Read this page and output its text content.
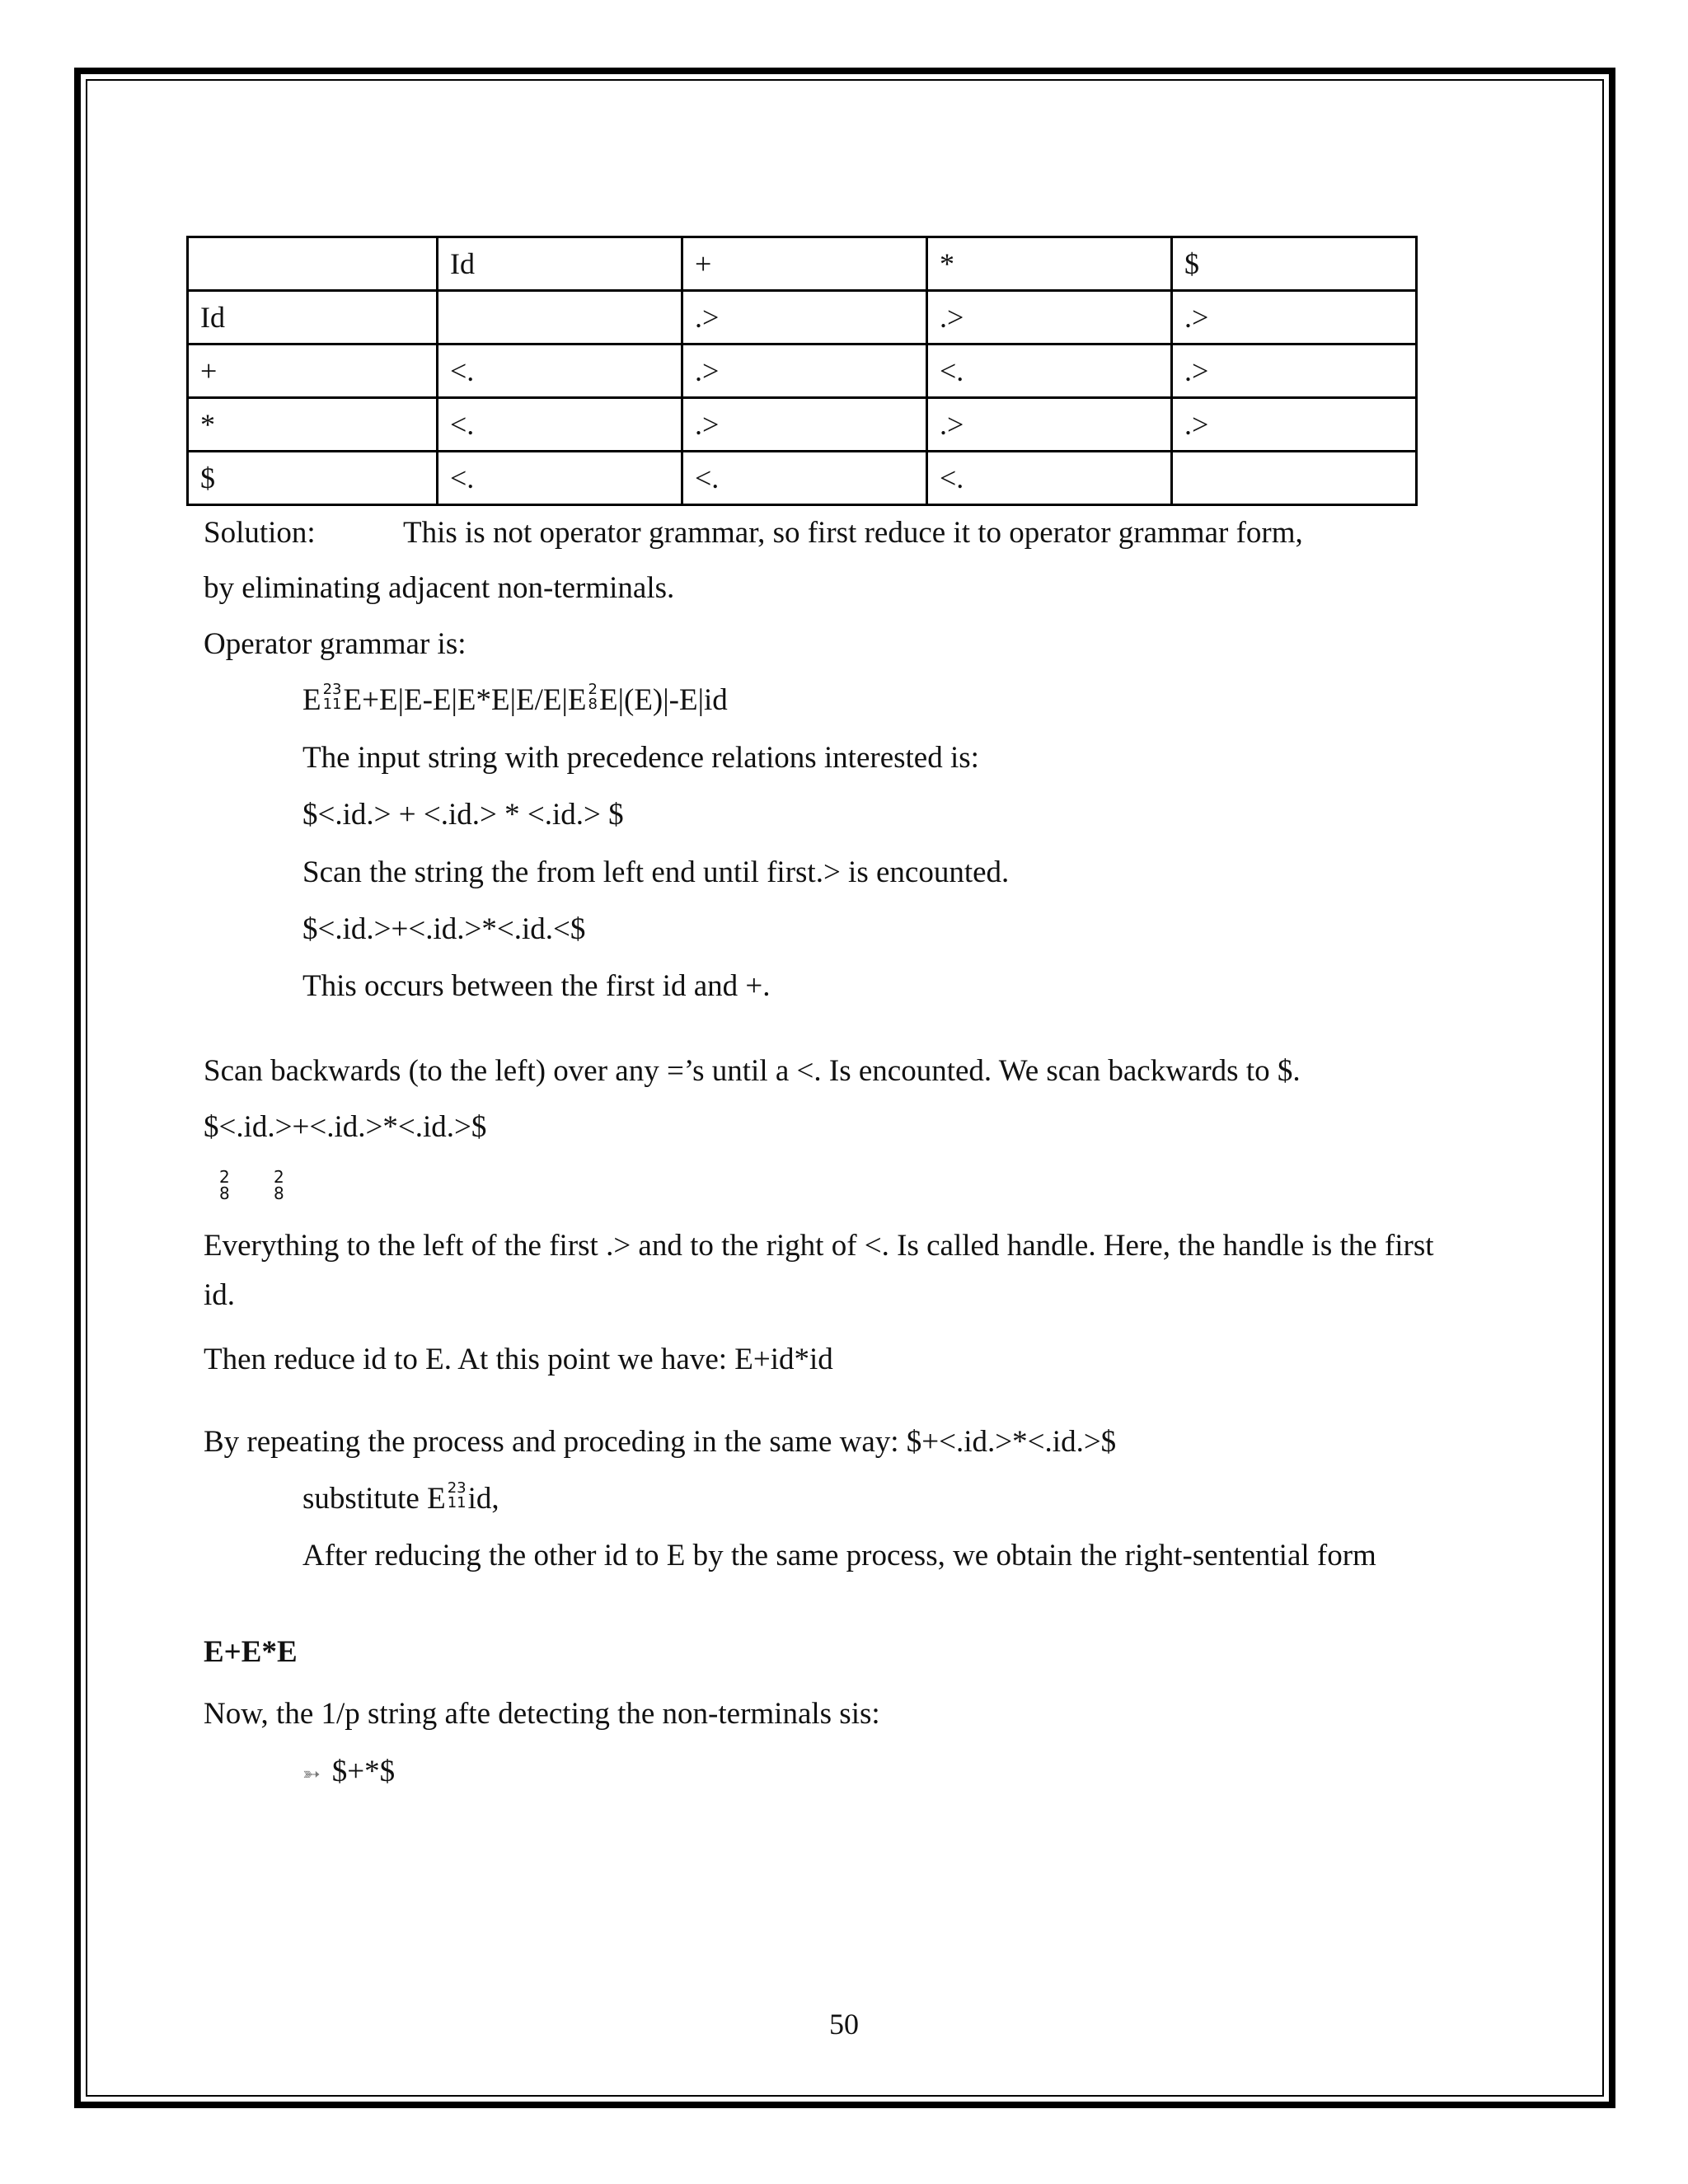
	Id	+	*	$
Id		.>	.>	.>
+	<.	.>	<.	.>
*	<.	.>	.>	.>
$	<.	<.	<.	
Solution:	This is not operator grammar, so first reduce it to operator grammar form,
by eliminating adjacent non-terminals.
Operator grammar is:
E 23
11 E+E|E-E|E*E|E/E|E 2
8 E|(E)|-E|id
The input string with precedence relations interested is:
$<.id.> + <.id.> * <.id.> $
Scan the string the from left end until first.> is encounted.
$<.id.>+<.id.>*<.id.<$
This occurs between the first id and +.
Scan backwards (to the left) over any =’s until a <. Is encounted. We scan backwards to $.
$<.id.>+<.id.>*<.id.>$
2
8
2
8
Everything to the left of the first .> and to the right of <. Is called handle. Here, the handle is the first
id.
Then reduce id to E. At this point we have: E+id*id
By repeating the process and proceding in the same way: $+<.id.>*<.id.>$
substitute E 23
11 id,
After reducing the other id to E by the same process, we obtain the right-sentential form
E+E*E
Now, the 1/p string afte detecting the non-terminals sis:
➳ $+*$
50
